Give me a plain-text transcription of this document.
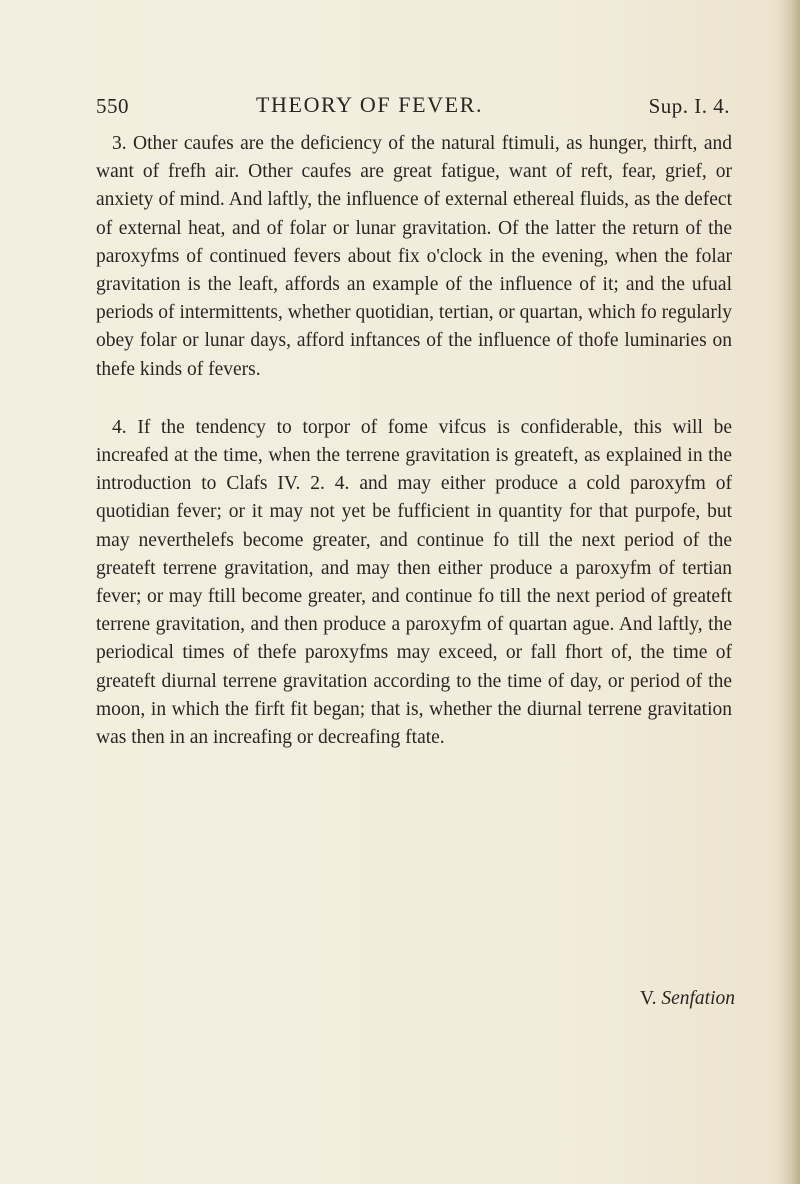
550	THEORY OF FEVER.	Sup. I. 4.

3. Other caufes are the deficiency of the natural ftimuli, as hunger, thirft, and want of frefh air. Other caufes are great fatigue, want of reft, fear, grief, or anxiety of mind. And laftly, the influence of external ethereal fluids, as the defect of external heat, and of folar or lunar gravitation. Of the latter the return of the paroxyfms of continued fevers about fix o'clock in the evening, when the folar gravitation is the leaft, affords an example of the influence of it; and the ufual periods of intermittents, whether quotidian, tertian, or quartan, which fo regularly obey folar or lunar days, afford inftances of the influence of thofe luminaries on thefe kinds of fevers.

4. If the tendency to torpor of fome vifcus is confiderable, this will be increafed at the time, when the terrene gravitation is greateft, as explained in the introduction to Clafs IV. 2. 4. and may either produce a cold paroxyfm of quotidian fever; or it may not yet be fufficient in quantity for that purpofe, but may neverthelefs become greater, and continue fo till the next period of the greateft terrene gravitation, and may then either produce a paroxyfm of tertian fever; or may ftill become greater, and continue fo till the next period of greateft terrene gravitation, and then produce a paroxyfm of quartan ague. And laftly, the periodical times of thefe paroxyfms may exceed, or fall fhort of, the time of greateft diurnal terrene gravitation according to the time of day, or period of the moon, in which the firft fit began; that is, whether the diurnal terrene gravitation was then in an increafing or decreafing ftate.

V. Senfation
